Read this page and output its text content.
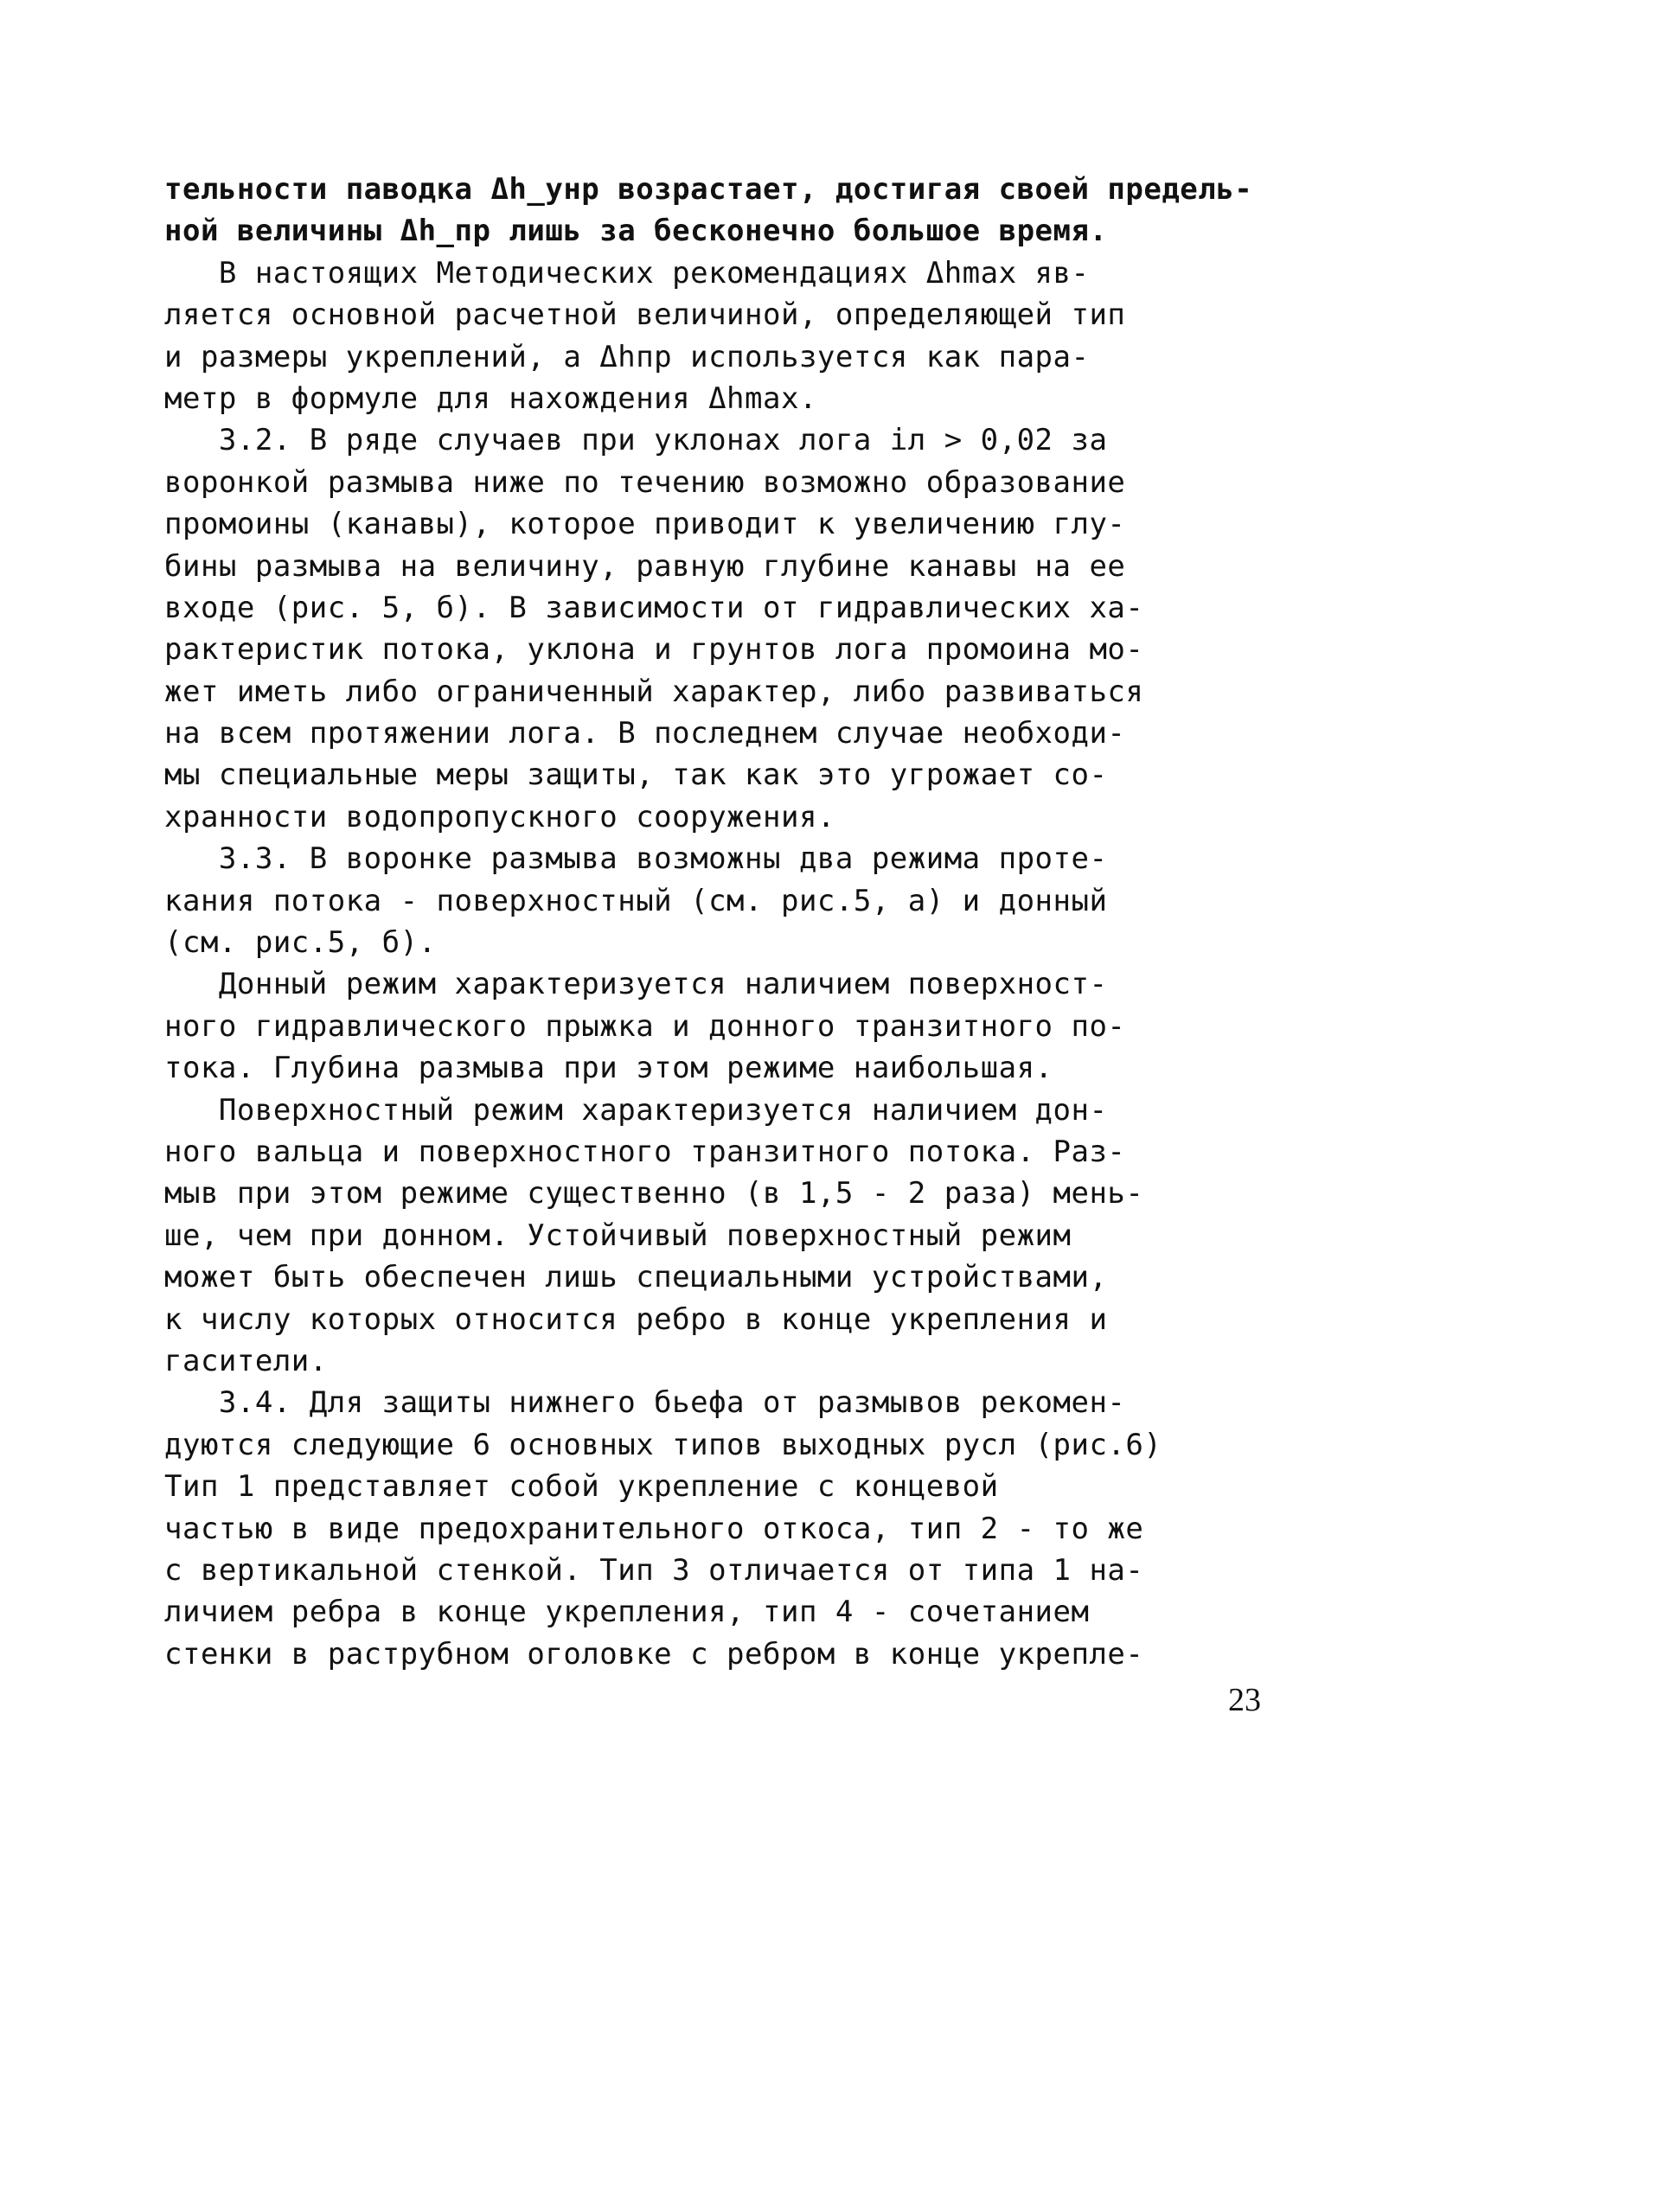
тельности паводка Δh_унр возрастает, достигая своей предель-
ной величины Δh_пр лишь за бесконечно большое время.
В настоящих Методических рекомендациях Δhmax яв-
ляется основной расчетной величиной, определяющей тип
и размеры укреплений, а Δhпр используется как пара-
метр в формуле для нахождения Δhmax.
3.2. В ряде случаев при уклонах лога iл > 0,02 за
воронкой размыва ниже по течению возможно образование
промоины (канавы), которое приводит к увеличению глу-
бины размыва на величину, равную глубине канавы на ее
входе (рис. 5, б). В зависимости от гидравлических ха-
рактеристик потока, уклона и грунтов лога промоина мо-
жет иметь либо ограниченный характер, либо развиваться
на всем протяжении лога. В последнем случае необходи-
мы специальные меры защиты, так как это угрожает со-
хранности водопропускного сооружения.
3.3. В воронке размыва возможны два режима проте-
кания потока - поверхностный (см. рис.5, а) и донный
(см. рис.5, б).
Донный режим характеризуется наличием поверхност-
ного гидравлического прыжка и донного транзитного по-
тока. Глубина размыва при этом режиме наибольшая.
Поверхностный режим характеризуется наличием дон-
ного вальца и поверхностного транзитного потока. Раз-
мыв при этом режиме существенно (в 1,5 - 2 раза) мень-
ше, чем при донном. Устойчивый поверхностный режим
может быть обеспечен лишь специальными устройствами,
к числу которых относится ребро в конце укрепления и
гасители.
3.4. Для защиты нижнего бьефа от размывов рекомен-
дуются следующие 6 основных типов выходных русл (рис.6)
Тип 1 представляет собой укрепление с концевой
частью в виде предохранительного откоса, тип 2 - то же
с вертикальной стенкой. Тип 3 отличается от типа 1 на-
личием ребра в конце укрепления, тип 4 - сочетанием
стенки в раструбном оголовке с ребром в конце укрепле-
23
